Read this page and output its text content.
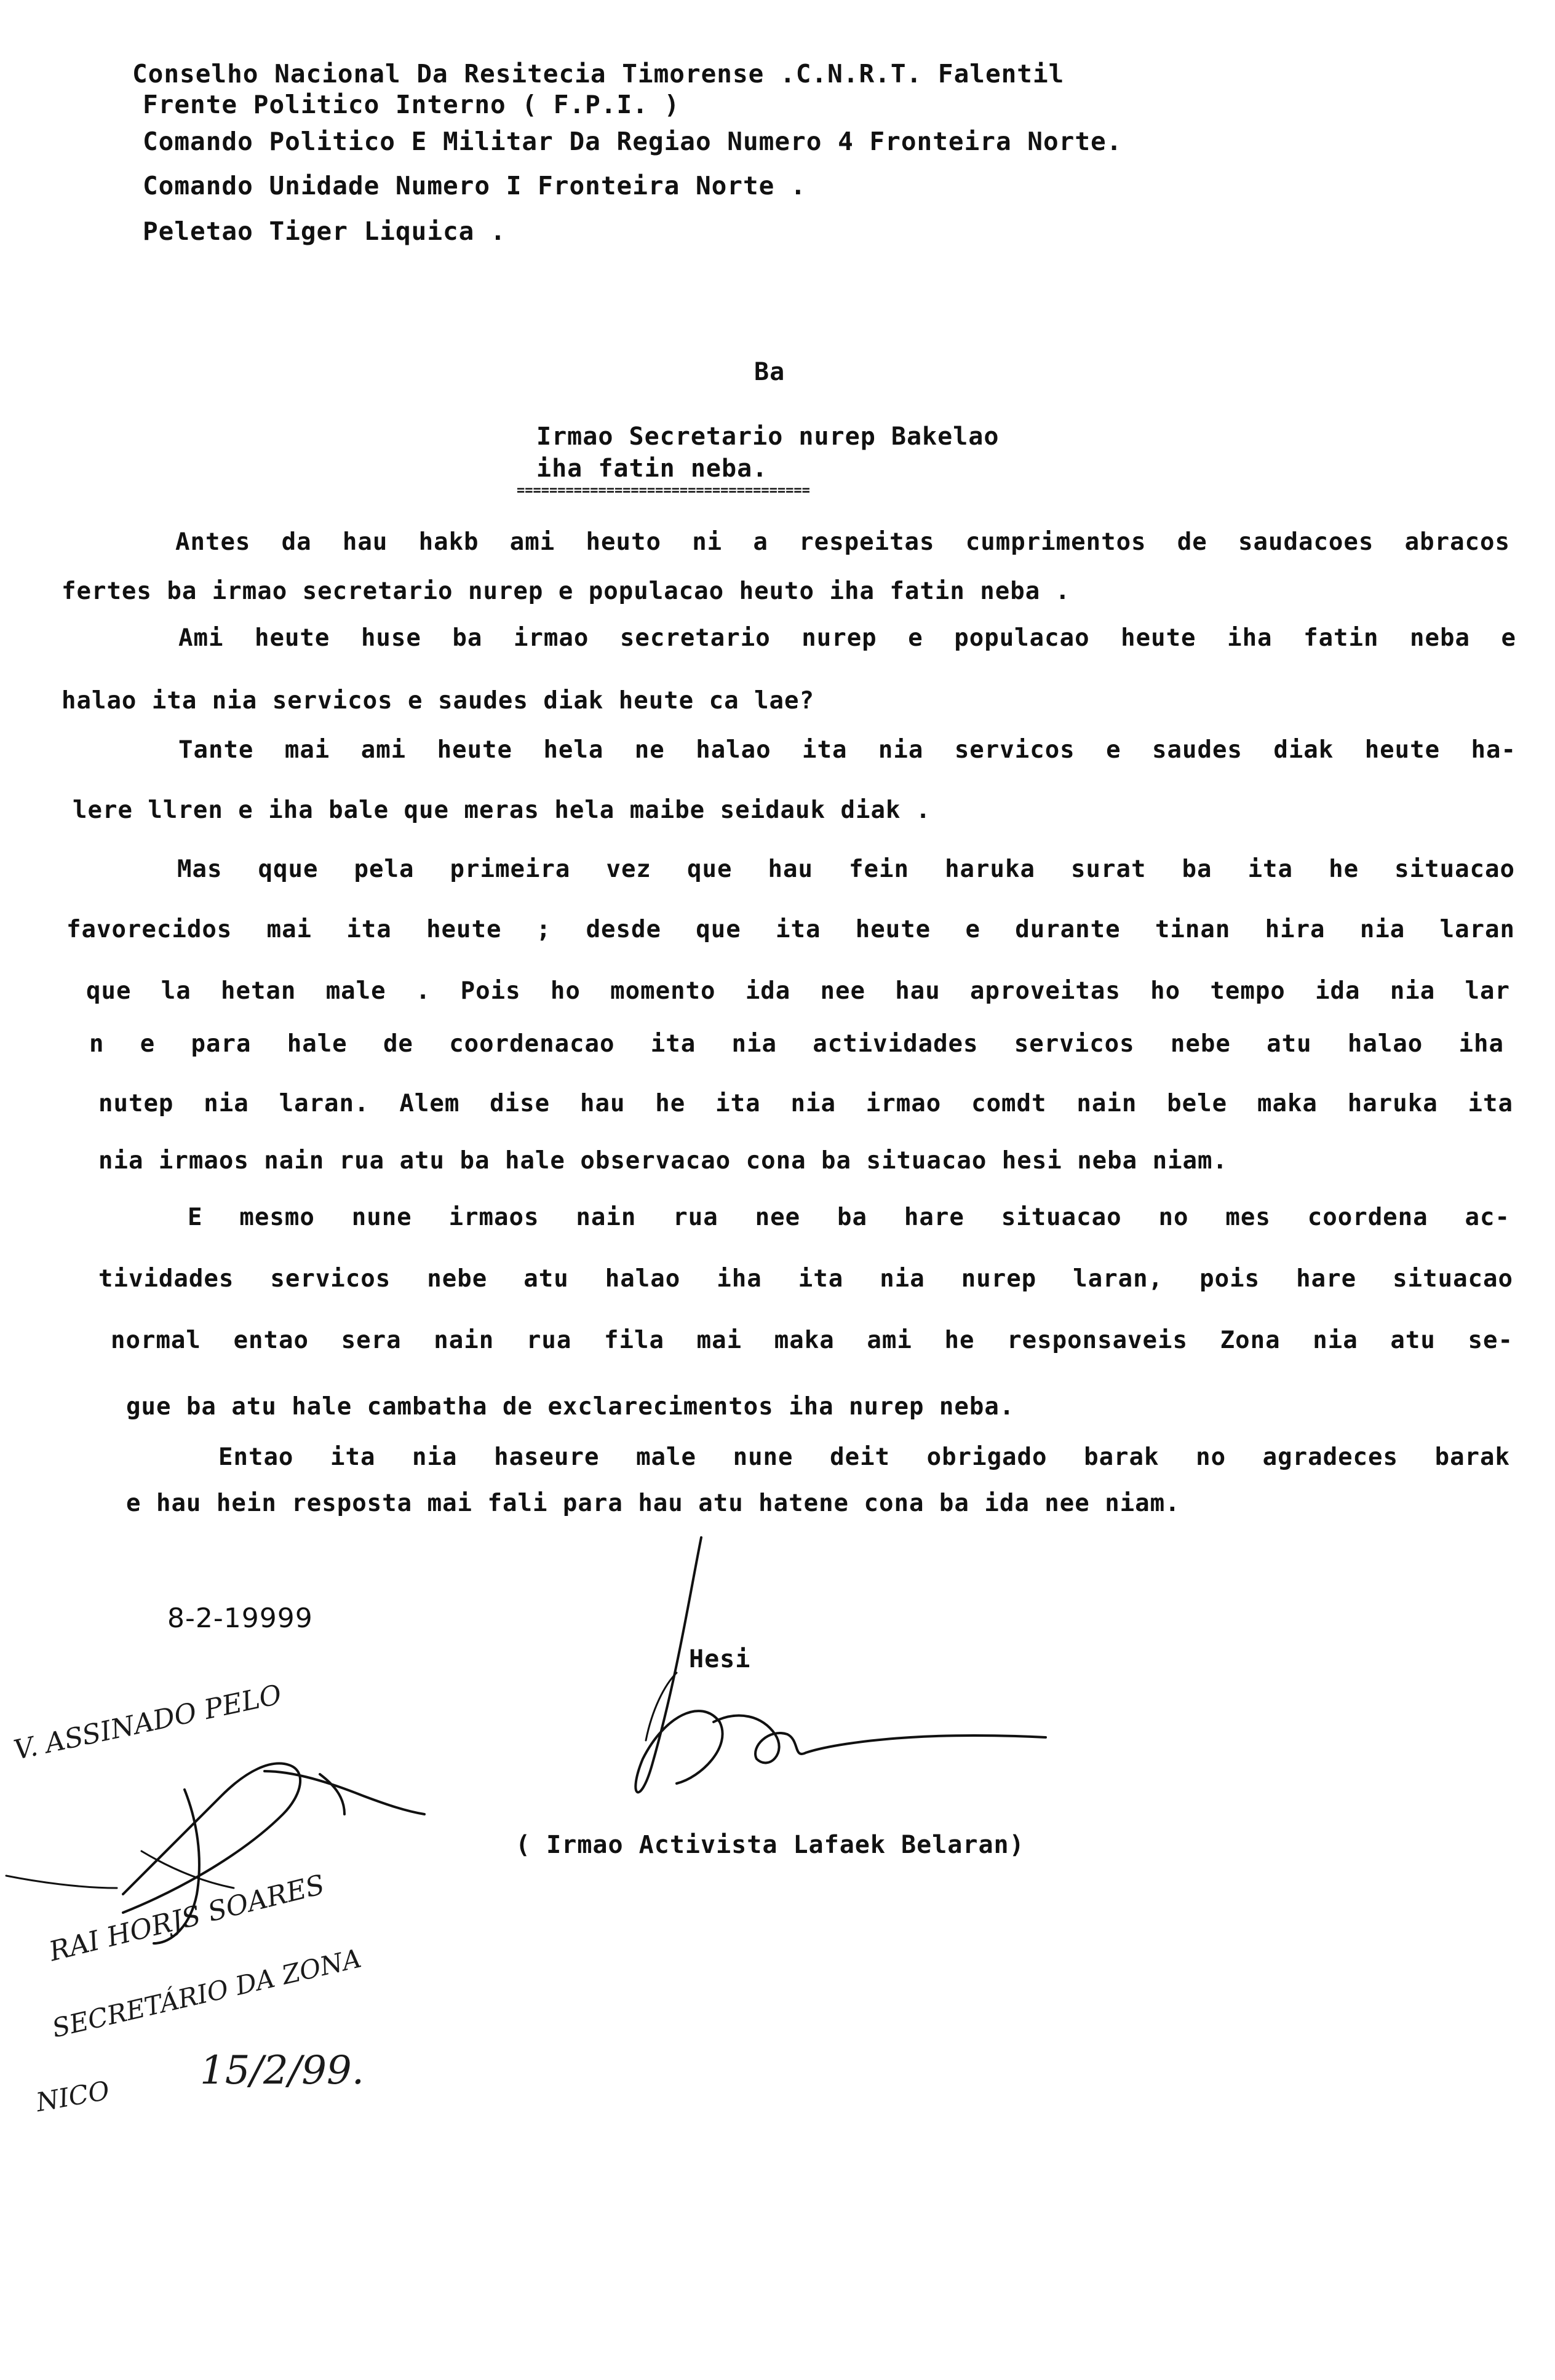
Conselho Nacional Da Resitecia Timorense .C.N.R.T. Falentil
Frente Politico Interno ( F.P.I. )
Comando Politico E Militar Da Regiao Numero 4 Fronteira Norte.
Comando Unidade Numero I Fronteira Norte .
Peletao Tiger Liquica .
Ba
Irmao Secretario nurep Bakelao
iha fatin neba.
====================================
Antes da hau hakb ami heuto ni a respeitas cumprimentos de saudacoes abracos
fertes ba irmao secretario nurep e populacao heuto iha fatin neba .
Ami heute huse ba irmao secretario nurep e populacao heute iha fatin neba e
halao ita nia servicos e saudes diak heute ca lae?
Tante mai ami heute hela ne halao ita nia servicos e saudes diak heute ha-
lere llren e iha bale que meras hela maibe seidauk diak .
Mas qque pela primeira vez que hau fein haruka surat ba ita he situacao
favorecidos mai ita heute ; desde que ita heute e durante tinan hira nia laran
que la hetan male . Pois ho momento ida nee hau aproveitas ho tempo ida nia lar
n e para hale de coordenacao ita nia actividades servicos nebe atu halao iha
nutep nia laran. Alem dise hau he ita nia irmao comdt nain bele maka haruka ita
nia irmaos nain rua atu ba hale observacao cona ba situacao hesi neba niam.
E mesmo nune irmaos nain rua nee ba hare situacao no mes coordena ac-
tividades servicos nebe atu halao iha ita nia nurep laran, pois hare situacao
normal entao sera nain rua fila mai maka ami he responsaveis Zona nia atu se-
gue ba atu hale cambatha de exclarecimentos iha nurep neba.
Entao ita nia haseure male nune deit obrigado barak no agradeces barak
e hau hein resposta mai fali para hau atu hatene cona ba ida nee niam.
8-2-19999
Hesi
( Irmao Activista Lafaek Belaran)
V. ASSINADO PELO
RAI HORJS SOARES
SECRETÁRIO DA ZONA
NICO
15/2/99.
